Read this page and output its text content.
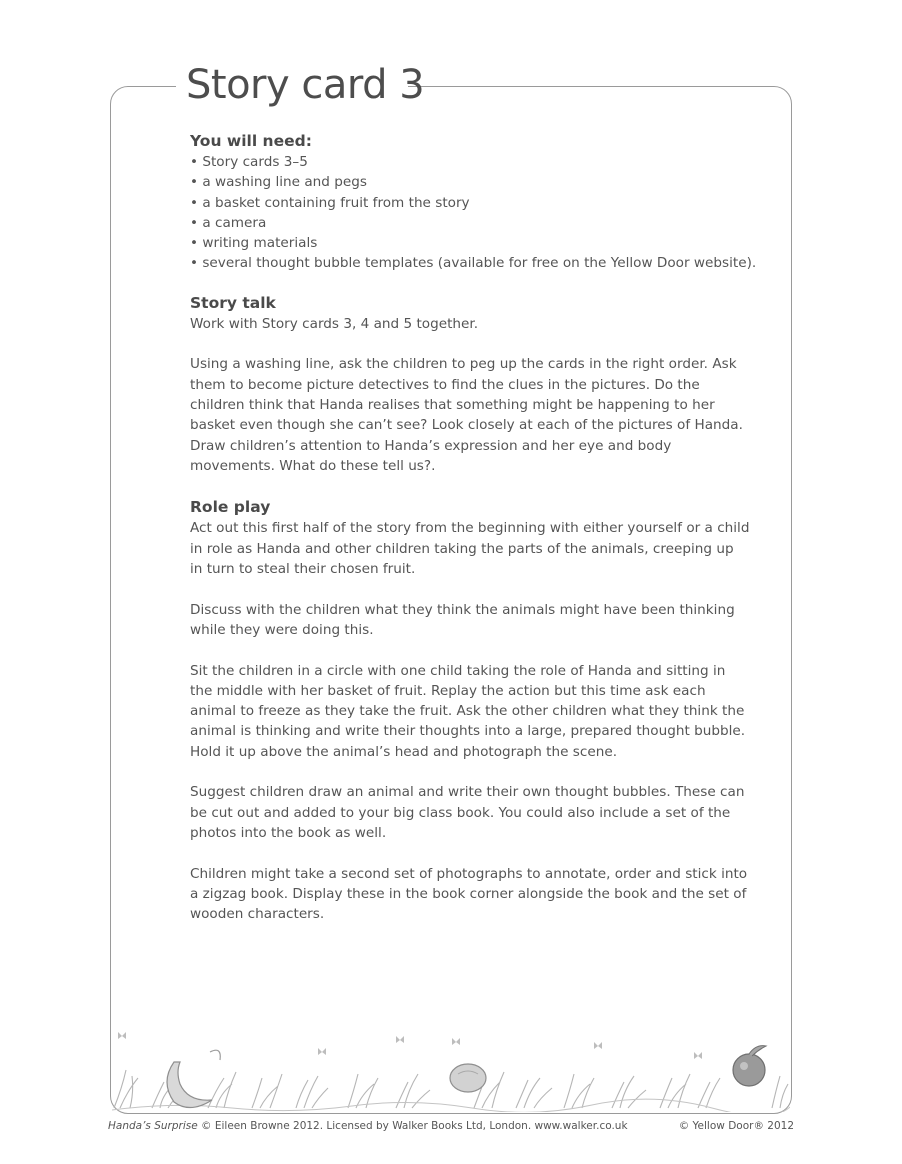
Story card 3
You will need:
• Story cards 3–5
• a washing line and pegs
• a basket containing fruit from the story
• a camera
• writing materials
• several thought bubble templates (available for free on the Yellow Door website).
Story talk

Work with Story cards 3, 4 and 5 together.

Using a washing line, ask the children to peg up the cards in the right order. Ask them to become picture detectives to find the clues in the pictures. Do the children think that Handa realises that something might be happening to her basket even though she can’t see? Look closely at each of the pictures of Handa. Draw children’s attention to Handa’s expression and her eye and body movements. What do these tell us?.

Role play

Act out this first half of the story from the beginning with either yourself or a child in role as Handa and other children taking the parts of the animals, creeping up in turn to steal their chosen fruit.

Discuss with the children what they think the animals might have been thinking while they were doing this.

Sit the children in a circle with one child taking the role of Handa and sitting in the middle with her basket of fruit. Replay the action but this time ask each animal to freeze as they take the fruit. Ask the other children what they think the animal is thinking and write their thoughts into a large, prepared thought bubble. Hold it up above the animal’s head and photograph the scene.

Suggest children draw an animal and write their own thought bubbles. These can be cut out and added to your big class book. You could also include a set of the photos into the book as well.

Children might take a second set of photographs to annotate, order and stick into a zigzag book. Display these in the book corner alongside the book and the set of wooden characters.

Handa’s Surprise © Eileen Browne 2012. Licensed by Walker Books Ltd, London. www.walker.co.uk	© Yellow Door® 2012
